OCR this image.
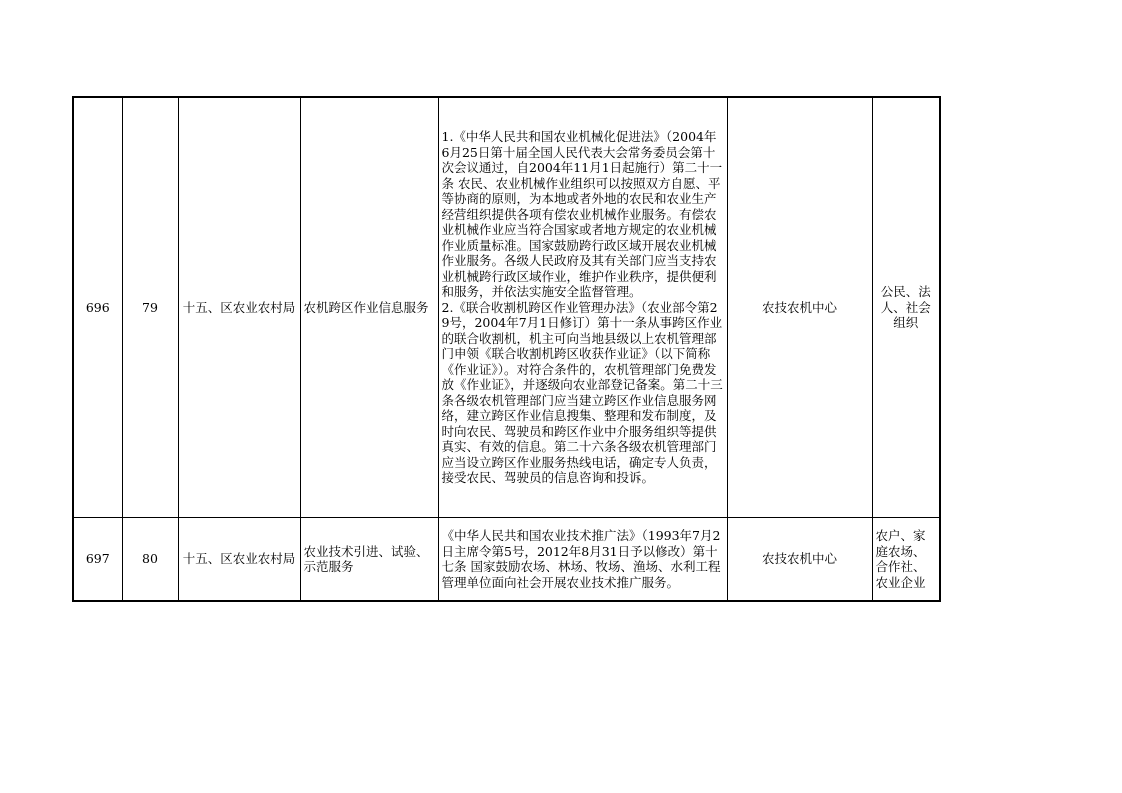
696	79	十五、区农业农村局	农机跨区作业信息服务	1.《中华人民共和国农业机械化促进法》（2004年6月25日第十届全国人民代表大会常务委员会第十次会议通过，自2004年11月1日起施行）第二十一条 农民、农业机械作业组织可以按照双方自愿、平等协商的原则，为本地或者外地的农民和农业生产经营组织提供各项有偿农业机械作业服务。有偿农业机械作业应当符合国家或者地方规定的农业机械作业质量标准。国家鼓励跨行政区域开展农业机械作业服务。各级人民政府及其有关部门应当支持农业机械跨行政区域作业，维护作业秩序，提供便利和服务，并依法实施安全监督管理。
2.《联合收割机跨区作业管理办法》（农业部令第29号，2004年7月1日修订）第十一条从事跨区作业的联合收割机，机主可向当地县级以上农机管理部门申领《联合收割机跨区收获作业证》（以下简称《作业证》）。对符合条件的，农机管理部门免费发放《作业证》，并逐级向农业部登记备案。第二十三条各级农机管理部门应当建立跨区作业信息服务网络，建立跨区作业信息搜集、整理和发布制度，及时向农民、驾驶员和跨区作业中介服务组织等提供真实、有效的信息。第二十六条各级农机管理部门应当设立跨区作业服务热线电话，确定专人负责，接受农民、驾驶员的信息咨询和投诉。	农技农机中心	公民、法人、社会组织
697	80	十五、区农业农村局	农业技术引进、试验、示范服务	《中华人民共和国农业技术推广法》（1993年7月2日主席令第5号，2012年8月31日予以修改）第十七条 国家鼓励农场、林场、牧场、渔场、水利工程管理单位面向社会开展农业技术推广服务。	农技农机中心	农户、家庭农场、合作社、农业企业
